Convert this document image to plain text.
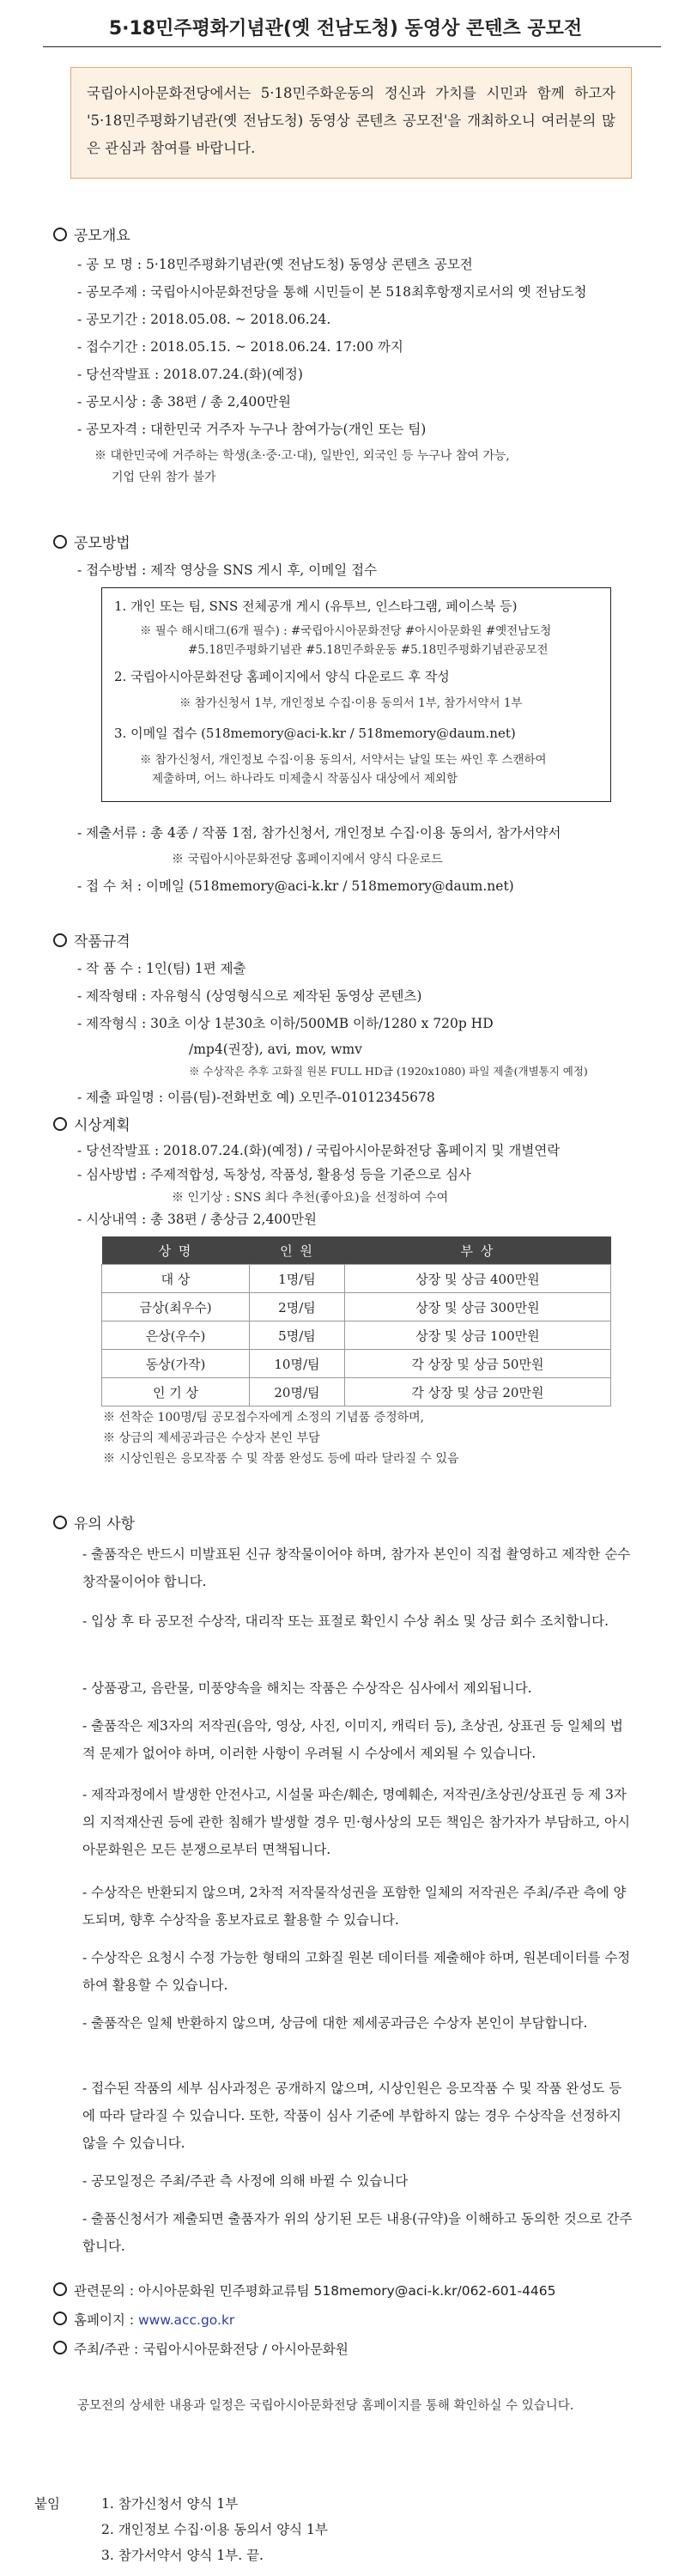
5·18민주평화기념관(옛 전남도청) 동영상 콘텐츠 공모전
국립아시아문화전당에서는 5·18민주화운동의 정신과 가치를 시민과 함께 하고자 '5·18민주평화기념관(옛 전남도청) 동영상 콘텐츠 공모전'을 개최하오니 여러분의 많은 관심과 참여를 바랍니다.
공모개요
- 공 모 명 : 5·18민주평화기념관(옛 전남도청) 동영상 콘텐츠 공모전
- 공모주제 : 국립아시아문화전당을 통해 시민들이 본 518최후항쟁지로서의 옛 전남도청
- 공모기간 : 2018.05.08. ~ 2018.06.24.
- 접수기간 : 2018.05.15. ~ 2018.06.24. 17:00 까지
- 당선작발표 : 2018.07.24.(화)(예정)
- 공모시상 : 총 38편 / 총 2,400만원
- 공모자격 : 대한민국 거주자 누구나 참여가능(개인 또는 팀)
※ 대한민국에 거주하는 학생(초·중·고·대), 일반인, 외국인 등 누구나 참여 가능,
기업 단위 참가 불가
공모방법
- 접수방법 : 제작 영상을 SNS 게시 후, 이메일 접수
1. 개인 또는 팀, SNS 전체공개 게시 (유투브, 인스타그램, 페이스북 등)
※ 필수 해시태그(6개 필수) : #국립아시아문화전당 #아시아문화원 #옛전남도청
#5.18민주평화기념관 #5.18민주화운동 #5.18민주평화기념관공모전
2. 국립아시아문화전당 홈페이지에서 양식 다운로드 후 작성
※ 참가신청서 1부, 개인정보 수집·이용 동의서 1부, 참가서약서 1부
3. 이메일 접수 (518memory@aci-k.kr / 518memory@daum.net)
※ 참가신청서, 개인정보 수집·이용 동의서, 서약서는 날일 또는 싸인 후 스캔하여
제출하며, 어느 하나라도 미제출시 작품심사 대상에서 제외함
- 제출서류 : 총 4종 / 작품 1점, 참가신청서, 개인정보 수집·이용 동의서, 참가서약서
※ 국립아시아문화전당 홈페이지에서 양식 다운로드
- 접 수 처 : 이메일 (518memory@aci-k.kr / 518memory@daum.net)
작품규격
- 작 품 수 : 1인(팀) 1편 제출
- 제작형태 : 자유형식 (상영형식으로 제작된 동영상 콘텐츠)
- 제작형식 : 30초 이상 1분30초 이하/500MB 이하/1280 x 720p HD
/mp4(권장), avi, mov, wmv
※ 수상작은 추후 고화질 원본 FULL HD급 (1920x1080) 파일 제출(개별통지 예정)
- 제출 파일명 : 이름(팀)-전화번호 예) 오민주-01012345678
시상계획
- 당선작발표 : 2018.07.24.(화)(예정) / 국립아시아문화전당 홈페이지 및 개별연락
- 심사방법 : 주제적합성, 독창성, 작품성, 활용성 등을 기준으로 심사
※ 인기상 : SNS 최다 추천(좋아요)을 선정하여 수여
- 시상내역 : 총 38편 / 총상금 2,400만원
상 명	인 원	부 상
대 상	1명/팀	상장 및 상금 400만원
금상(최우수)	2명/팀	상장 및 상금 300만원
은상(우수)	5명/팀	상장 및 상금 100만원
동상(가작)	10명/팀	각 상장 및 상금 50만원
인 기 상	20명/팀	각 상장 및 상금 20만원
※ 선착순 100명/팀 공모접수자에게 소정의 기념품 증정하며,
※ 상금의 제세공과금은 수상자 본인 부담
※ 시상인원은 응모작품 수 및 작품 완성도 등에 따라 달라질 수 있음
유의 사항
- 출품작은 반드시 미발표된 신규 창작물이어야 하며, 참가자 본인이 직접 촬영하고 제작한 순수 창작물이어야 합니다.
- 입상 후 타 공모전 수상작, 대리작 또는 표절로 확인시 수상 취소 및 상금 회수 조치합니다.
- 상품광고, 음란물, 미풍양속을 해치는 작품은 수상작은 심사에서 제외됩니다.
- 출품작은 제3자의 저작권(음악, 영상, 사진, 이미지, 캐릭터 등), 초상권, 상표권 등 일체의 법적 문제가 없어야 하며, 이러한 사항이 우려될 시 수상에서 제외될 수 있습니다.
- 제작과정에서 발생한 안전사고, 시설물 파손/훼손, 명예훼손, 저작권/초상권/상표권 등 제 3자의 지적재산권 등에 관한 침해가 발생할 경우 민·형사상의 모든 책임은 참가자가 부담하고, 아시아문화원은 모든 분쟁으로부터 면책됩니다.
- 수상작은 반환되지 않으며, 2차적 저작물작성권을 포함한 일체의 저작권은 주최/주관 측에 양도되며, 향후 수상작을 홍보자료로 활용할 수 있습니다.
- 수상작은 요청시 수정 가능한 형태의 고화질 원본 데이터를 제출해야 하며, 원본데이터를 수정하여 활용할 수 있습니다.
- 출품작은 일체 반환하지 않으며, 상금에 대한 제세공과금은 수상자 본인이 부담합니다.
- 접수된 작품의 세부 심사과정은 공개하지 않으며, 시상인원은 응모작품 수 및 작품 완성도 등에 따라 달라질 수 있습니다. 또한, 작품이 심사 기준에 부합하지 않는 경우 수상작을 선정하지 않을 수 있습니다.
- 공모일정은 주최/주관 측 사정에 의해 바뀔 수 있습니다
- 출품신청서가 제출되면 출품자가 위의 상기된 모든 내용(규약)을 이해하고 동의한 것으로 간주합니다.
관련문의 : 아시아문화원 민주평화교류팀 518memory@aci-k.kr/062-601-4465
홈페이지 : www.acc.go.kr
주최/주관 : 국립아시아문화전당 / 아시아문화원
공모전의 상세한 내용과 일정은 국립아시아문화전당 홈페이지를 통해 확인하실 수 있습니다.
붙임	1. 참가신청서 양식 1부
2. 개인정보 수집·이용 동의서 양식 1부
3. 참가서약서 양식 1부. 끝.
